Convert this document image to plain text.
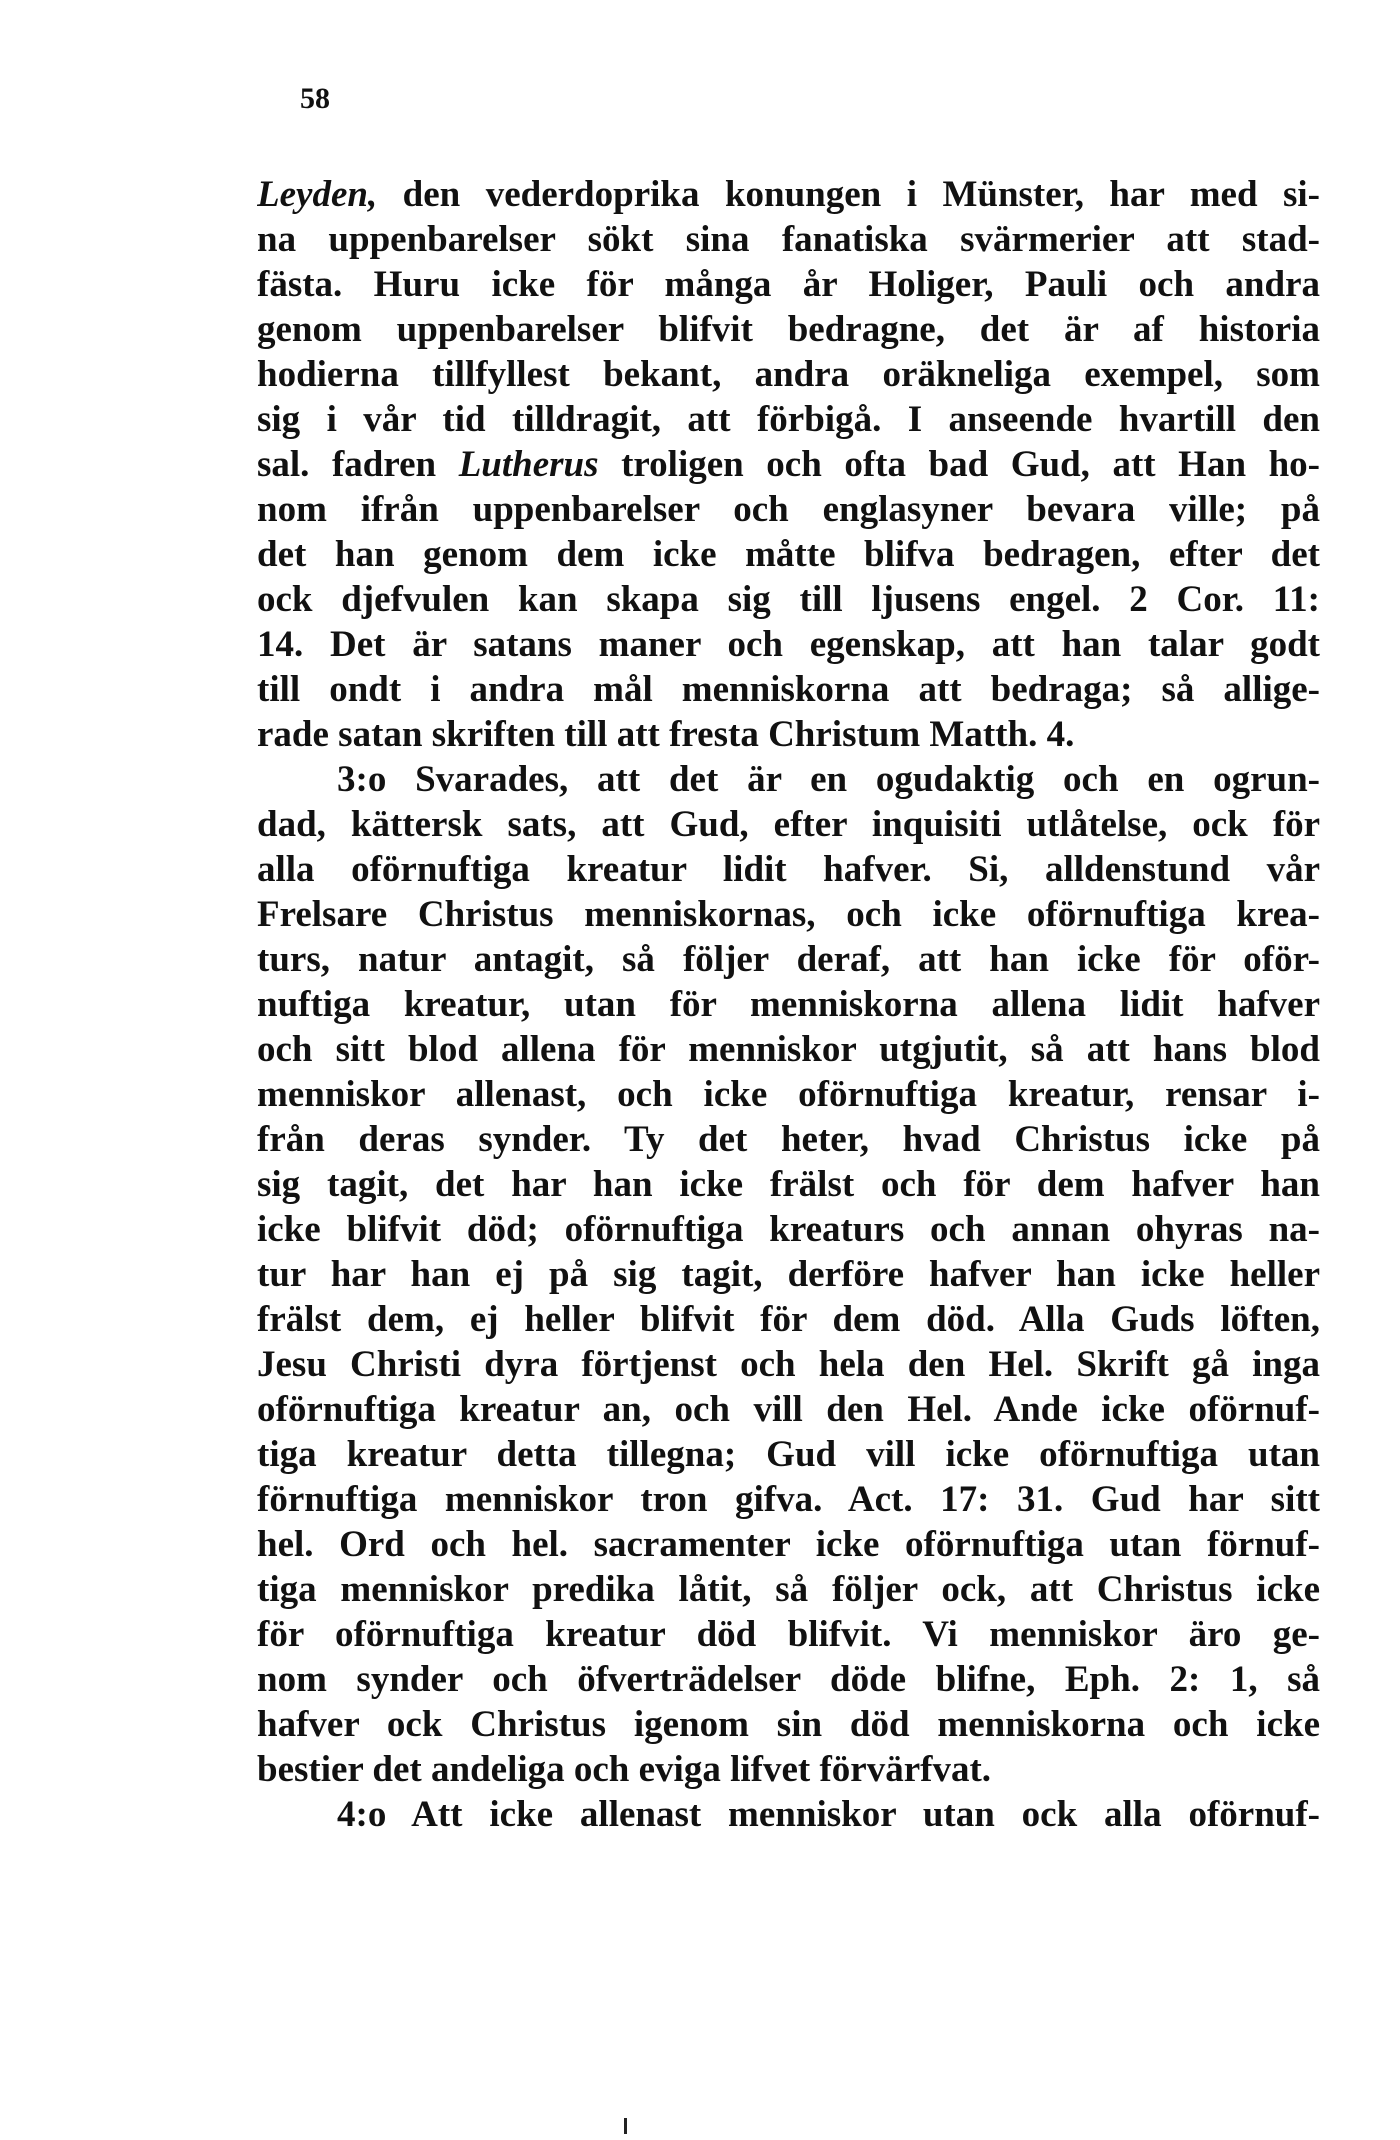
58
Leyden, den vederdoprika konungen i Münster, har med si-
na uppenbarelser sökt sina fanatiska svärmerier att stad-
fästa. Huru icke för många år Holiger, Pauli och andra
genom uppenbarelser blifvit bedragne, det är af historia
hodierna tillfyllest bekant, andra oräkneliga exempel, som
sig i vår tid tilldragit, att förbigå. I anseende hvartill den
sal. fadren Lutherus troligen och ofta bad Gud, att Han ho-
nom ifrån uppenbarelser och englasyner bevara ville; på
det han genom dem icke måtte blifva bedragen, efter det
ock djefvulen kan skapa sig till ljusens engel. 2 Cor. 11:
14. Det är satans maner och egenskap, att han talar godt
till ondt i andra mål menniskorna att bedraga; så allige-
rade satan skriften till att fresta Christum Matth. 4.
3:o Svarades, att det är en ogudaktig och en ogrun-
dad, kättersk sats, att Gud, efter inquisiti utlåtelse, ock för
alla oförnuftiga kreatur lidit hafver. Si, alldenstund vår
Frelsare Christus menniskornas, och icke oförnuftiga krea-
turs, natur antagit, så följer deraf, att han icke för oför-
nuftiga kreatur, utan för menniskorna allena lidit hafver
och sitt blod allena för menniskor utgjutit, så att hans blod
menniskor allenast, och icke oförnuftiga kreatur, rensar i-
från deras synder. Ty det heter, hvad Christus icke på
sig tagit, det har han icke frälst och för dem hafver han
icke blifvit död; oförnuftiga kreaturs och annan ohyras na-
tur har han ej på sig tagit, derföre hafver han icke heller
frälst dem, ej heller blifvit för dem död. Alla Guds löften,
Jesu Christi dyra förtjenst och hela den Hel. Skrift gå inga
oförnuftiga kreatur an, och vill den Hel. Ande icke oförnuf-
tiga kreatur detta tillegna; Gud vill icke oförnuftiga utan
förnuftiga menniskor tron gifva. Act. 17: 31. Gud har sitt
hel. Ord och hel. sacramenter icke oförnuftiga utan förnuf-
tiga menniskor predika låtit, så följer ock, att Christus icke
för oförnuftiga kreatur död blifvit. Vi menniskor äro ge-
nom synder och öfverträdelser döde blifne, Eph. 2: 1, så
hafver ock Christus igenom sin död menniskorna och icke
bestier det andeliga och eviga lifvet förvärfvat.
4:o Att icke allenast menniskor utan ock alla oförnuf-
